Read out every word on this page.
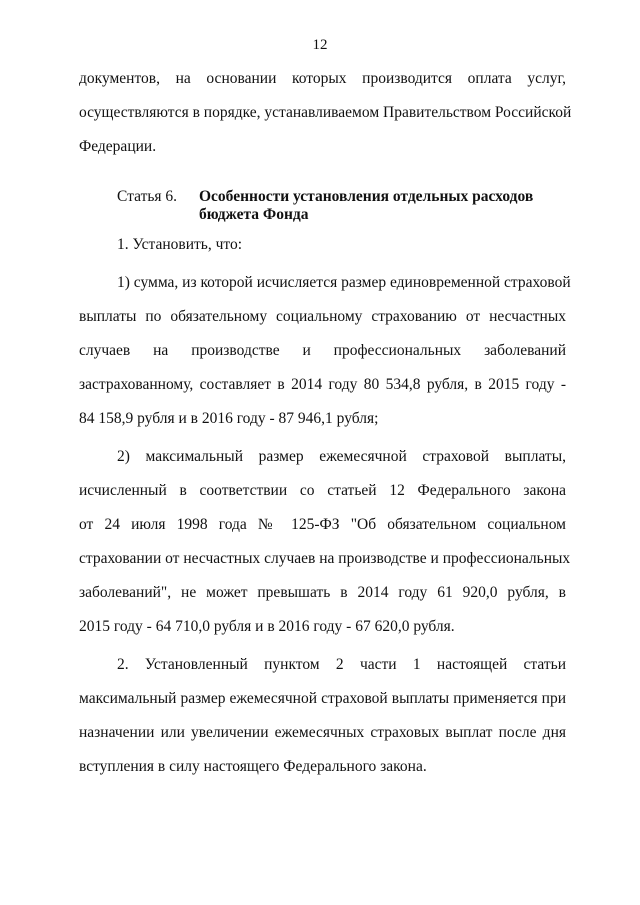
12
документов, на основании которых производится оплата услуг,
осуществляются в порядке, устанавливаемом Правительством Российской
Федерации.
Статья 6. Особенности установления отдельных расходов
бюджета Фонда
1. Установить, что:
1) сумма, из которой исчисляется размер единовременной страховой
выплаты по обязательному социальному страхованию от несчастных
случаев на производстве и профессиональных заболеваний
застрахованному, составляет в 2014 году 80 534,8 рубля, в 2015 году -
84 158,9 рубля и в 2016 году - 87 946,1 рубля;
2) максимальный размер ежемесячной страховой выплаты,
исчисленный в соответствии со статьей 12 Федерального закона
от 24 июля 1998 года № 125-ФЗ "Об обязательном социальном
страховании от несчастных случаев на производстве и профессиональных
заболеваний", не может превышать в 2014 году 61 920,0 рубля, в
2015 году - 64 710,0 рубля и в 2016 году - 67 620,0 рубля.
2. Установленный пунктом 2 части 1 настоящей статьи
максимальный размер ежемесячной страховой выплаты применяется при
назначении или увеличении ежемесячных страховых выплат после дня
вступления в силу настоящего Федерального закона.
